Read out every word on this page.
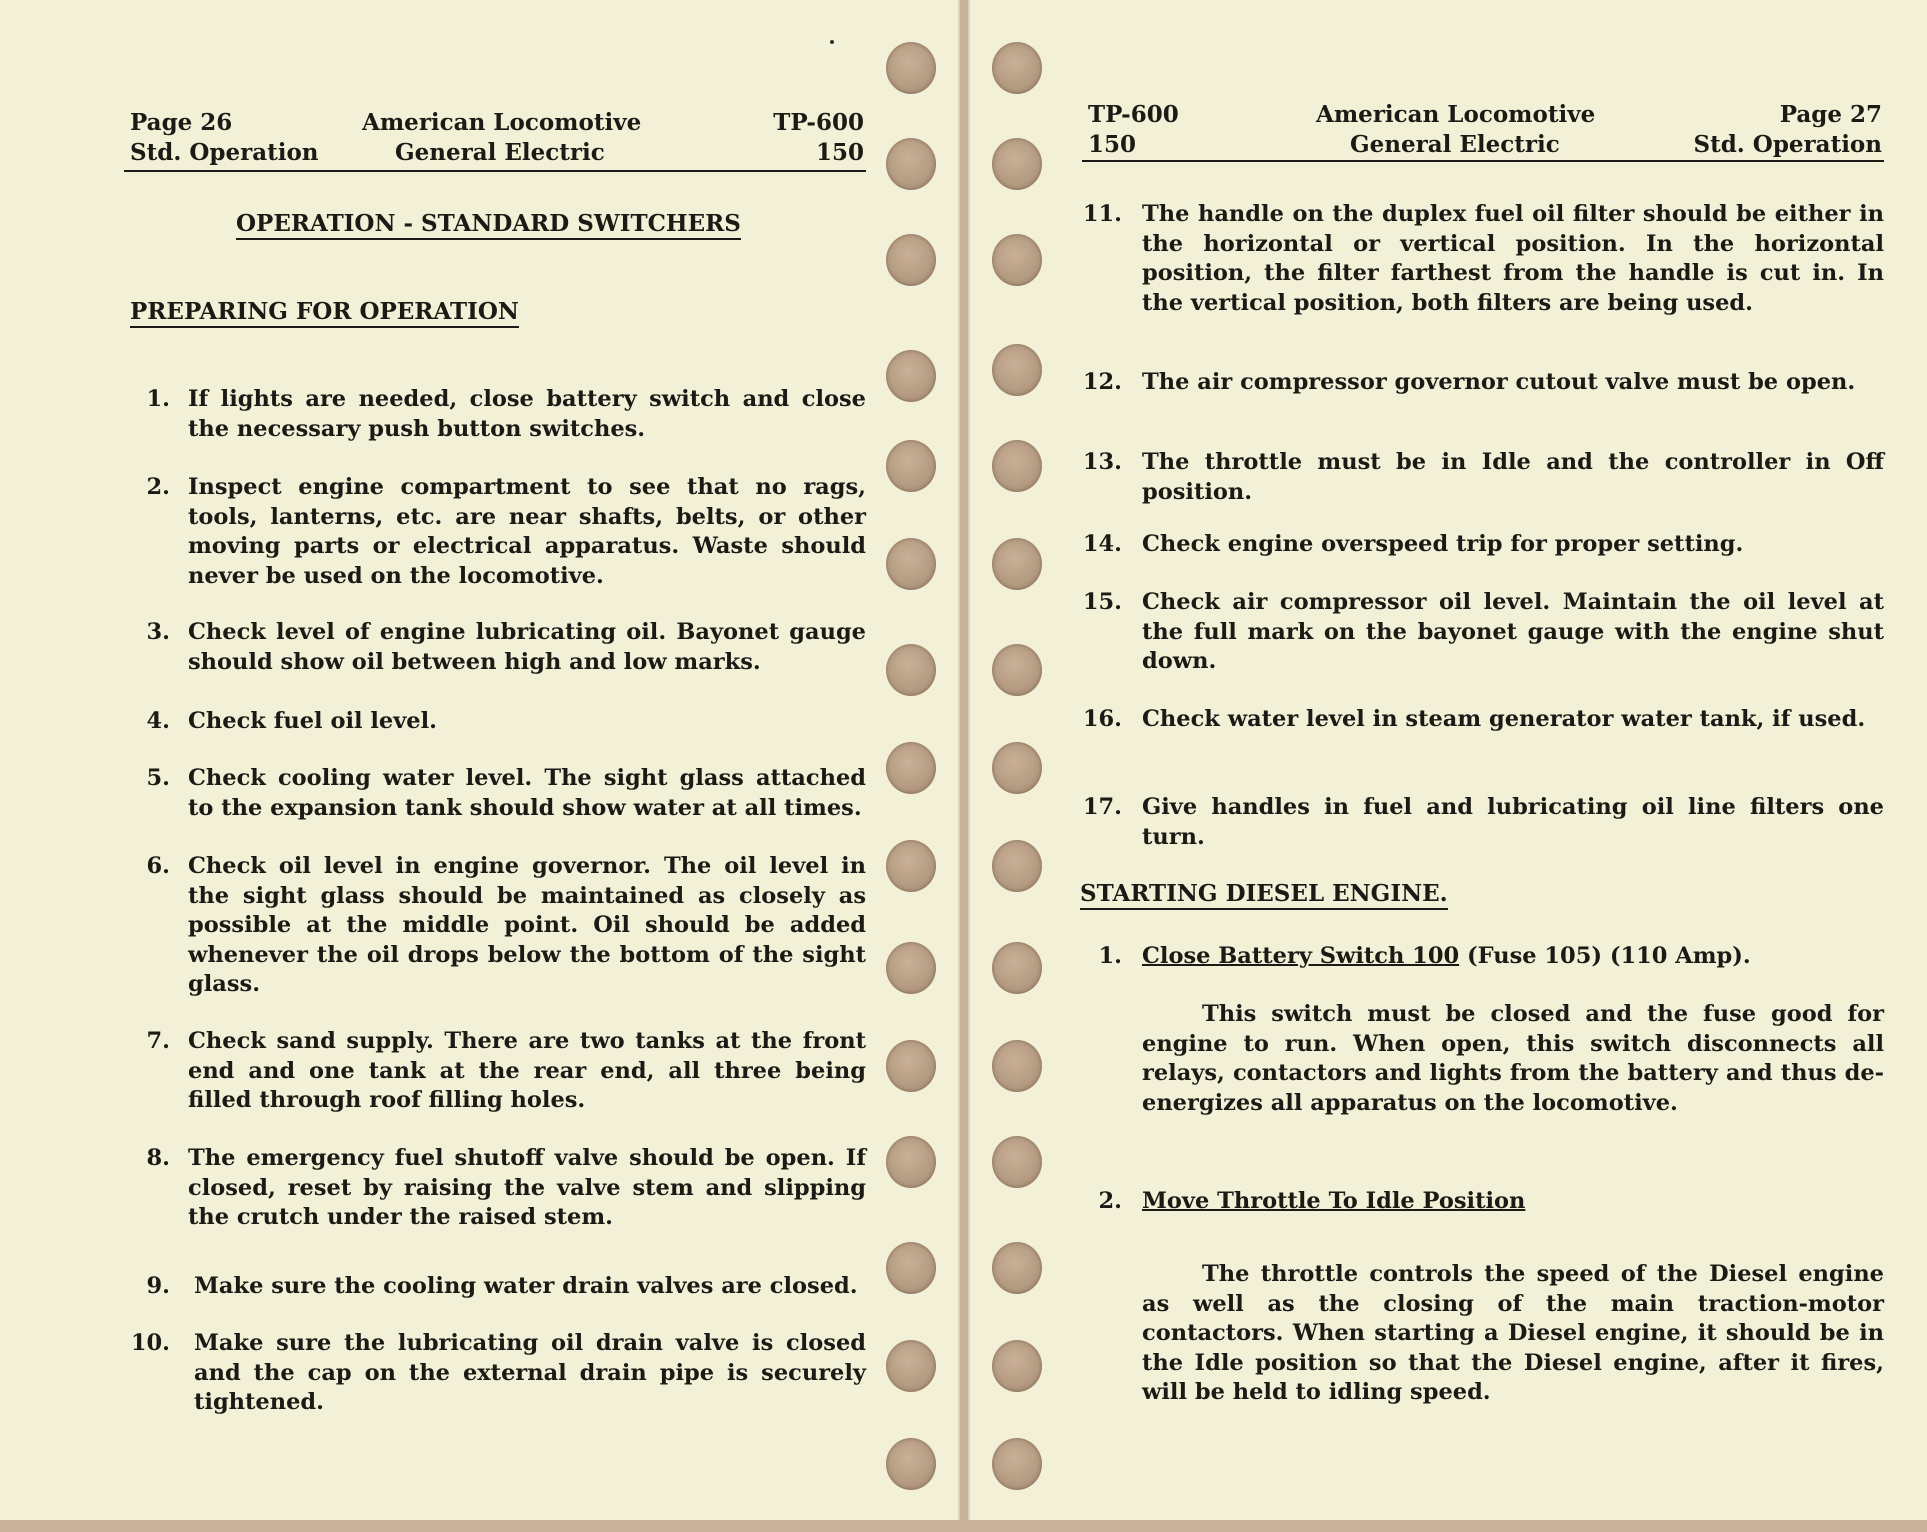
Page 26
Std. Operation
American Locomotive
General Electric
TP-600
150
OPERATION - STANDARD SWITCHERS
PREPARING FOR OPERATION
1. If lights are needed, close battery switch and close the necessary push button switches.
2. Inspect engine compartment to see that no rags, tools, lanterns, etc. are near shafts, belts, or other moving parts or electrical apparatus. Waste should never be used on the locomotive.
3. Check level of engine lubricating oil. Bayonet gauge should show oil between high and low marks.
4. Check fuel oil level.
5. Check cooling water level. The sight glass attached to the expansion tank should show water at all times.
6. Check oil level in engine governor. The oil level in the sight glass should be maintained as closely as possible at the middle point. Oil should be added whenever the oil drops below the bottom of the sight glass.
7. Check sand supply. There are two tanks at the front end and one tank at the rear end, all three being filled through roof filling holes.
8. The emergency fuel shutoff valve should be open. If closed, reset by raising the valve stem and slipping the crutch under the raised stem.
9. Make sure the cooling water drain valves are closed.
10. Make sure the lubricating oil drain valve is closed and the cap on the external drain pipe is securely tightened.
TP-600
150
American Locomotive
General Electric
Page 27
Std. Operation
11. The handle on the duplex fuel oil filter should be either in the horizontal or vertical position. In the horizontal position, the filter farthest from the handle is cut in. In the vertical position, both filters are being used.
12. The air compressor governor cutout valve must be open.
13. The throttle must be in Idle and the controller in Off position.
14. Check engine overspeed trip for proper setting.
15. Check air compressor oil level. Maintain the oil level at the full mark on the bayonet gauge with the engine shut down.
16. Check water level in steam generator water tank, if used.
17. Give handles in fuel and lubricating oil line filters one turn.
STARTING DIESEL ENGINE.
1. Close Battery Switch 100 (Fuse 105) (110 Amp).
This switch must be closed and the fuse good for engine to run. When open, this switch disconnects all relays, contactors and lights from the battery and thus de-energizes all apparatus on the locomotive.
2. Move Throttle To Idle Position
The throttle controls the speed of the Diesel engine as well as the closing of the main traction-motor contactors. When starting a Diesel engine, it should be in the Idle position so that the Diesel engine, after it fires, will be held to idling speed.
